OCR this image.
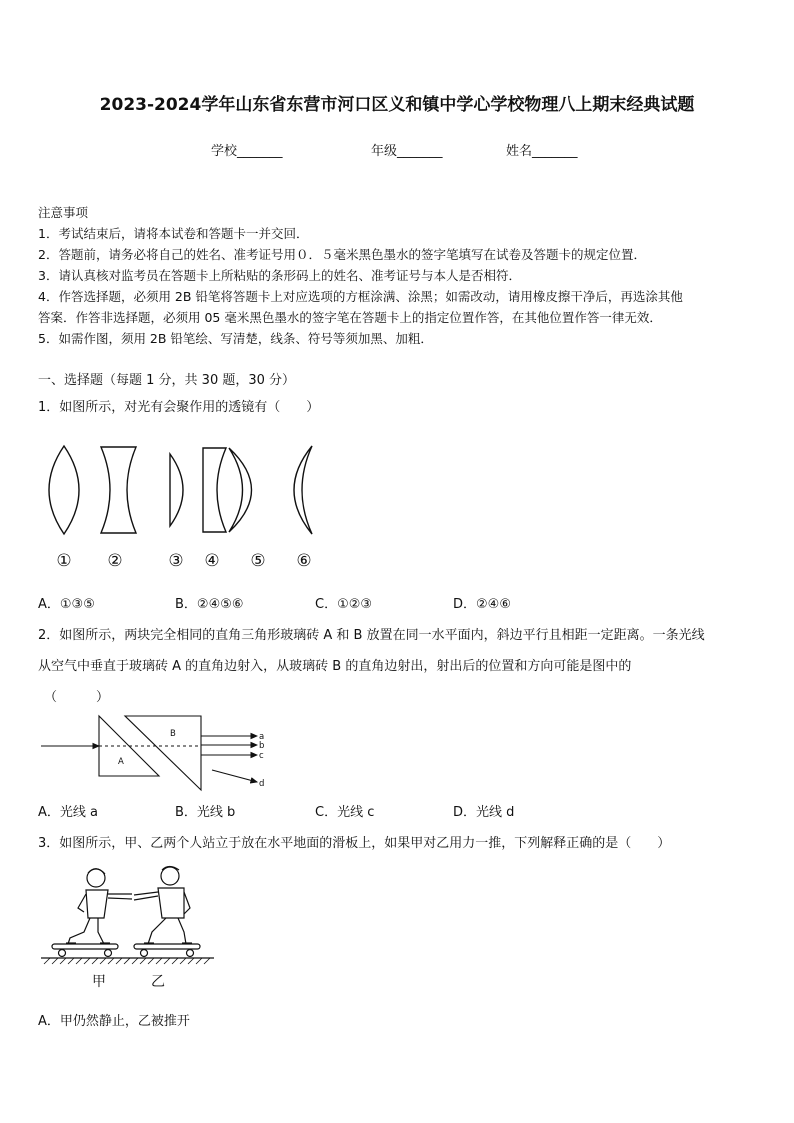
2023-2024学年山东省东营市河口区义和镇中学心学校物理八上期末经典试题
学校_______	年级_______	姓名_______
注意事项
1．考试结束后，请将本试卷和答题卡一并交回．
2．答题前，请务必将自己的姓名、准考证号用０．５毫米黑色墨水的签字笔填写在试卷及答题卡的规定位置．
3．请认真核对监考员在答题卡上所粘贴的条形码上的姓名、准考证号与本人是否相符．
4．作答选择题，必须用 2B 铅笔将答题卡上对应选项的方框涂满、涂黑；如需改动，请用橡皮擦干净后，再选涂其他
答案．作答非选择题，必须用 05 毫米黑色墨水的签字笔在答题卡上的指定位置作答，在其他位置作答一律无效．
5．如需作图，须用 2B 铅笔绘、写清楚，线条、符号等须加黑、加粗．
一、选择题（每题 1 分，共 30 题，30 分）
1．如图所示，对光有会聚作用的透镜有（　　）
① ②	③ ④ ⑤ ⑥
A．①③⑤	B．②④⑤⑥	C．①②③	D．②④⑥
2．如图所示，两块完全相同的直角三角形玻璃砖 A 和 B 放置在同一水平面内，斜边平行且相距一定距离。一条光线
从空气中垂直于玻璃砖 A 的直角边射入，从玻璃砖 B 的直角边射出，射出后的位置和方向可能是图中的
（　　　）
A
B	a
b
c
d
A．光线 a	B．光线 b	C．光线 c	D．光线 d
3．如图所示，甲、乙两个人站立于放在水平地面的滑板上，如果甲对乙用力一推，下列解释正确的是（　　）
甲	乙
A．甲仍然静止，乙被推开
